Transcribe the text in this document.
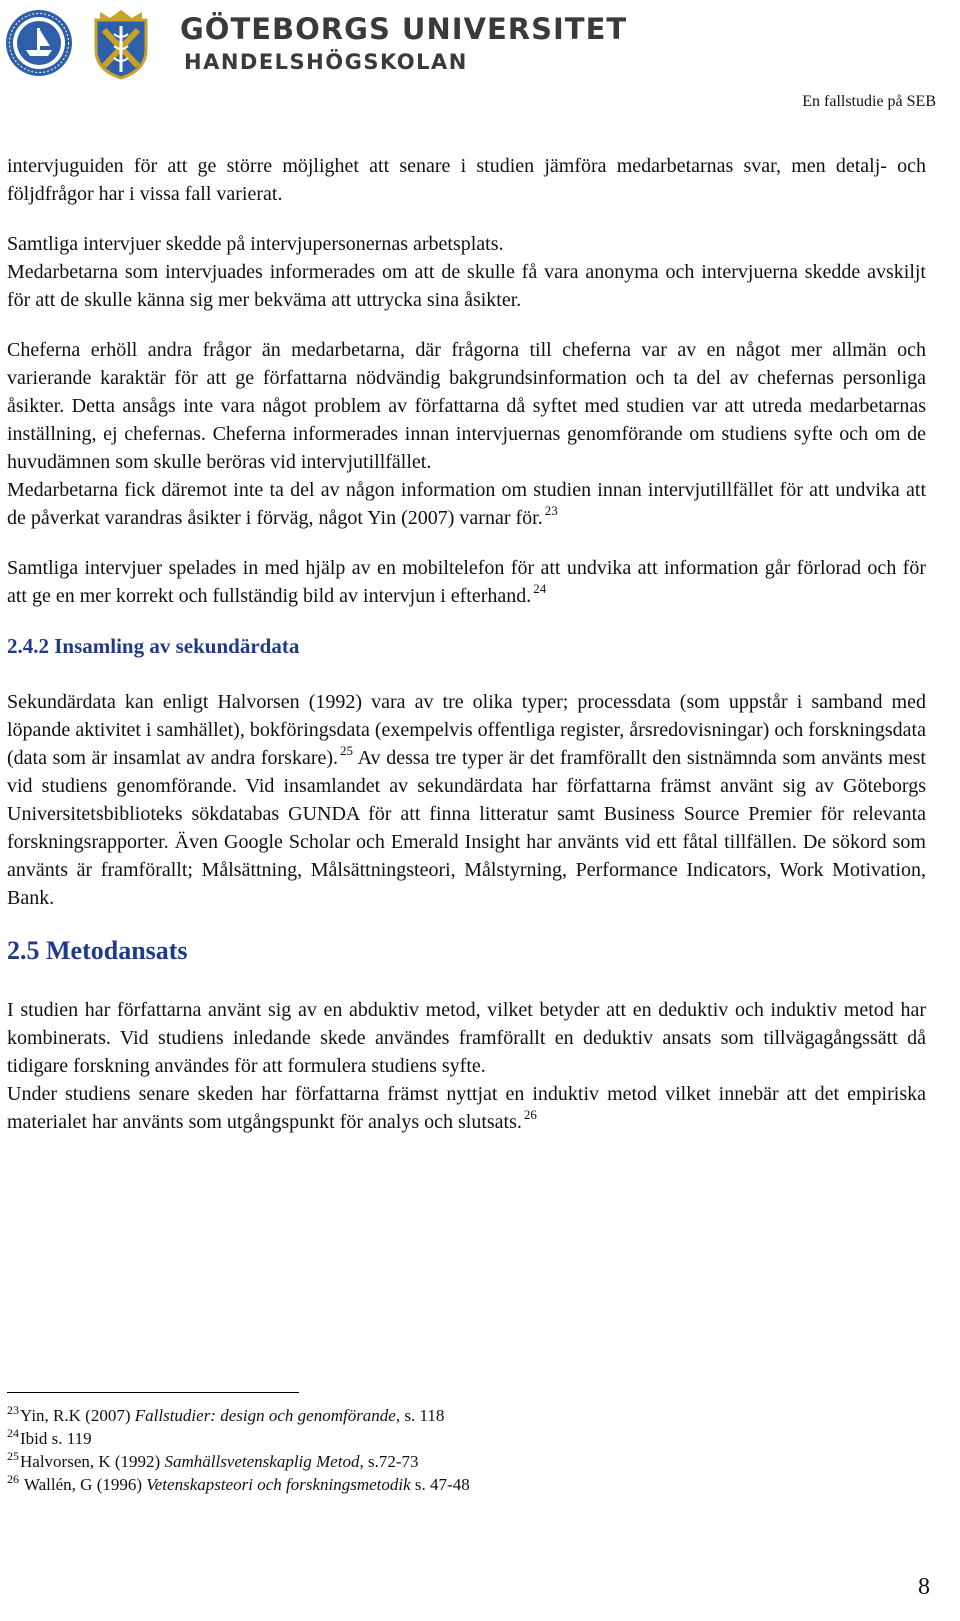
GÖTEBORGS UNIVERSITET
HANDELSHÖGSKOLAN
En fallstudie på SEB

intervjuguiden för att ge större möjlighet att senare i studien jämföra medarbetarnas svar, men detalj- och följdfrågor har i vissa fall varierat.

Samtliga intervjuer skedde på intervjupersonernas arbetsplats.

Medarbetarna som intervjuades informerades om att de skulle få vara anonyma och intervjuerna skedde avskiljt för att de skulle känna sig mer bekväma att uttrycka sina åsikter.

Cheferna erhöll andra frågor än medarbetarna, där frågorna till cheferna var av en något mer allmän och varierande karaktär för att ge författarna nödvändig bakgrundsinformation och ta del av chefernas personliga åsikter. Detta ansågs inte vara något problem av författarna då syftet med studien var att utreda medarbetarnas inställning, ej chefernas. Cheferna informerades innan intervjuernas genomförande om studiens syfte och om de huvudämnen som skulle beröras vid intervjutillfället.

Medarbetarna fick däremot inte ta del av någon information om studien innan intervjutillfället för att undvika att de påverkat varandras åsikter i förväg, något Yin (2007) varnar för. $^{23}$

Samtliga intervjuer spelades in med hjälp av en mobiltelefon för att undvika att information går förlorad och för att ge en mer korrekt och fullständig bild av intervjun i efterhand. $^{24}$

2.4.2 Insamling av sekundärdata

Sekundärdata kan enligt Halvorsen (1992) vara av tre olika typer; processdata (som uppstår i samband med löpande aktivitet i samhället), bokföringsdata (exempelvis offentliga register, årsredovisningar) och forskningsdata (data som är insamlat av andra forskare). $^{25}$ Av dessa tre typer är det framförallt den sistnämnda som använts mest vid studiens genomförande. Vid insamlandet av sekundärdata har författarna främst använt sig av Göteborgs Universitetsbiblioteks sökdatabas GUNDA för att finna litteratur samt Business Source Premier för relevanta forskningsrapporter. Även Google Scholar och Emerald Insight har använts vid ett fåtal tillfällen. De sökord som använts är framförallt; Målsättning, Målsättningsteori, Målstyrning, Performance Indicators, Work Motivation, Bank.

2.5 Metodansats

I studien har författarna använt sig av en abduktiv metod, vilket betyder att en deduktiv och induktiv metod har kombinerats. Vid studiens inledande skede användes framförallt en deduktiv ansats som tillvägagångssätt då tidigare forskning användes för att formulera studiens syfte.

Under studiens senare skeden har författarna främst nyttjat en induktiv metod vilket innebär att det empiriska materialet har använts som utgångspunkt för analys och slutsats. $^{26}$

$^{23}$Yin, R.K (2007) Fallstudier: design och genomförande, s. 118
$^{24}$Ibid s. 119
$^{25}$Halvorsen, K (1992) Samhällsvetenskaplig Metod, s.72-73
$^{26}$ Wallén, G (1996) Vetenskapsteori och forskningsmetodik s. 47-48
8
